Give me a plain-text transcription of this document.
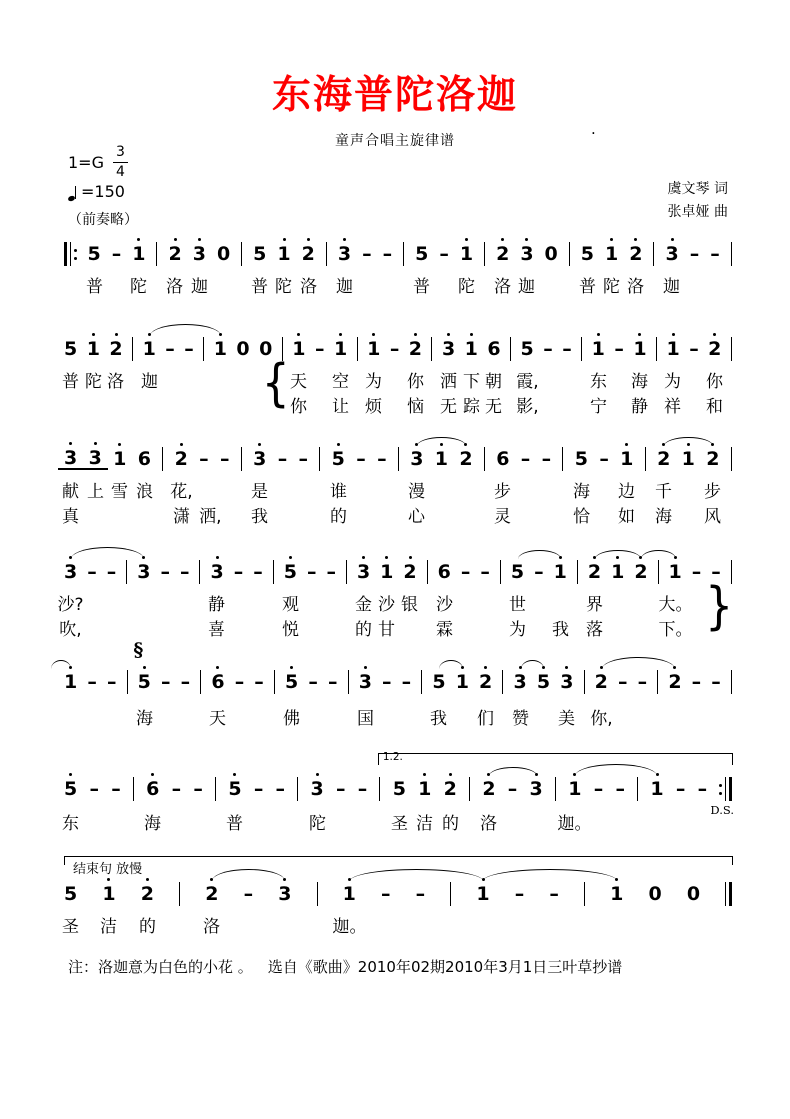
东海普陀洛迦
童声合唱主旋律谱
.
$1=G \frac{3}{4}$
=150
（前奏略）
虞文琴 词
张卓娅 曲
5 – 1 2 3 0 5 1 2 3 – – 5 – 1 2 3 0 5 1 2 3 – –
普 陀 洛 迦	普 陀 洛 迦	普 陀 洛 迦	普 陀 洛 迦
5 1 2 1 – – 1 0 0 1 – 1 1 – 2 3 1 6 5 – – 1 – 1 1 – 2
普 陀 洛 迦	天 空 为 你 洒 下 朝 霞,	东 海 为 你
你 让 烦 恼 无 踪 无 影,	宁 静 祥 和
{
3 3 1 6 2 – – 3 – – 5 – – 3 1 2 6 – – 5 – 1 2 1 2
献 上 雪 浪 花,	是	谁	漫	步	海 边 千 步
真	潇 洒, 我	的	心	灵	恰 如 海 风
3 – – 3 – – 3 – – 5 – – 3 1 2 6 – – 5 – 1 2 1 2 1 – –
沙?	静	观	金 沙 银 沙	世	界	大。
吹,	喜	悦	的 甘 霖	为 我 落	下。 }
1 – – 5 – – 6 – – 5 – – 3 – – 5 1 2 3 5 3 2 – – 2 – –
§
海	天	佛	国	我 们 赞 美 你,
5 – – 6 – – 5 – – 3 – – 5 1 2 2 – 3 1 – – 1 – –
1.2.
D.S.
东	海	普	陀	圣 洁 的 洛	迦。
5 1 2	2 – 3	1 – –	1 – –	1 0 0
结束句 放慢
圣 洁 的	洛	迦。
注：洛迦意为白色的小花 。 选自《歌曲》2010年02期2010年3月1日三叶草抄谱
